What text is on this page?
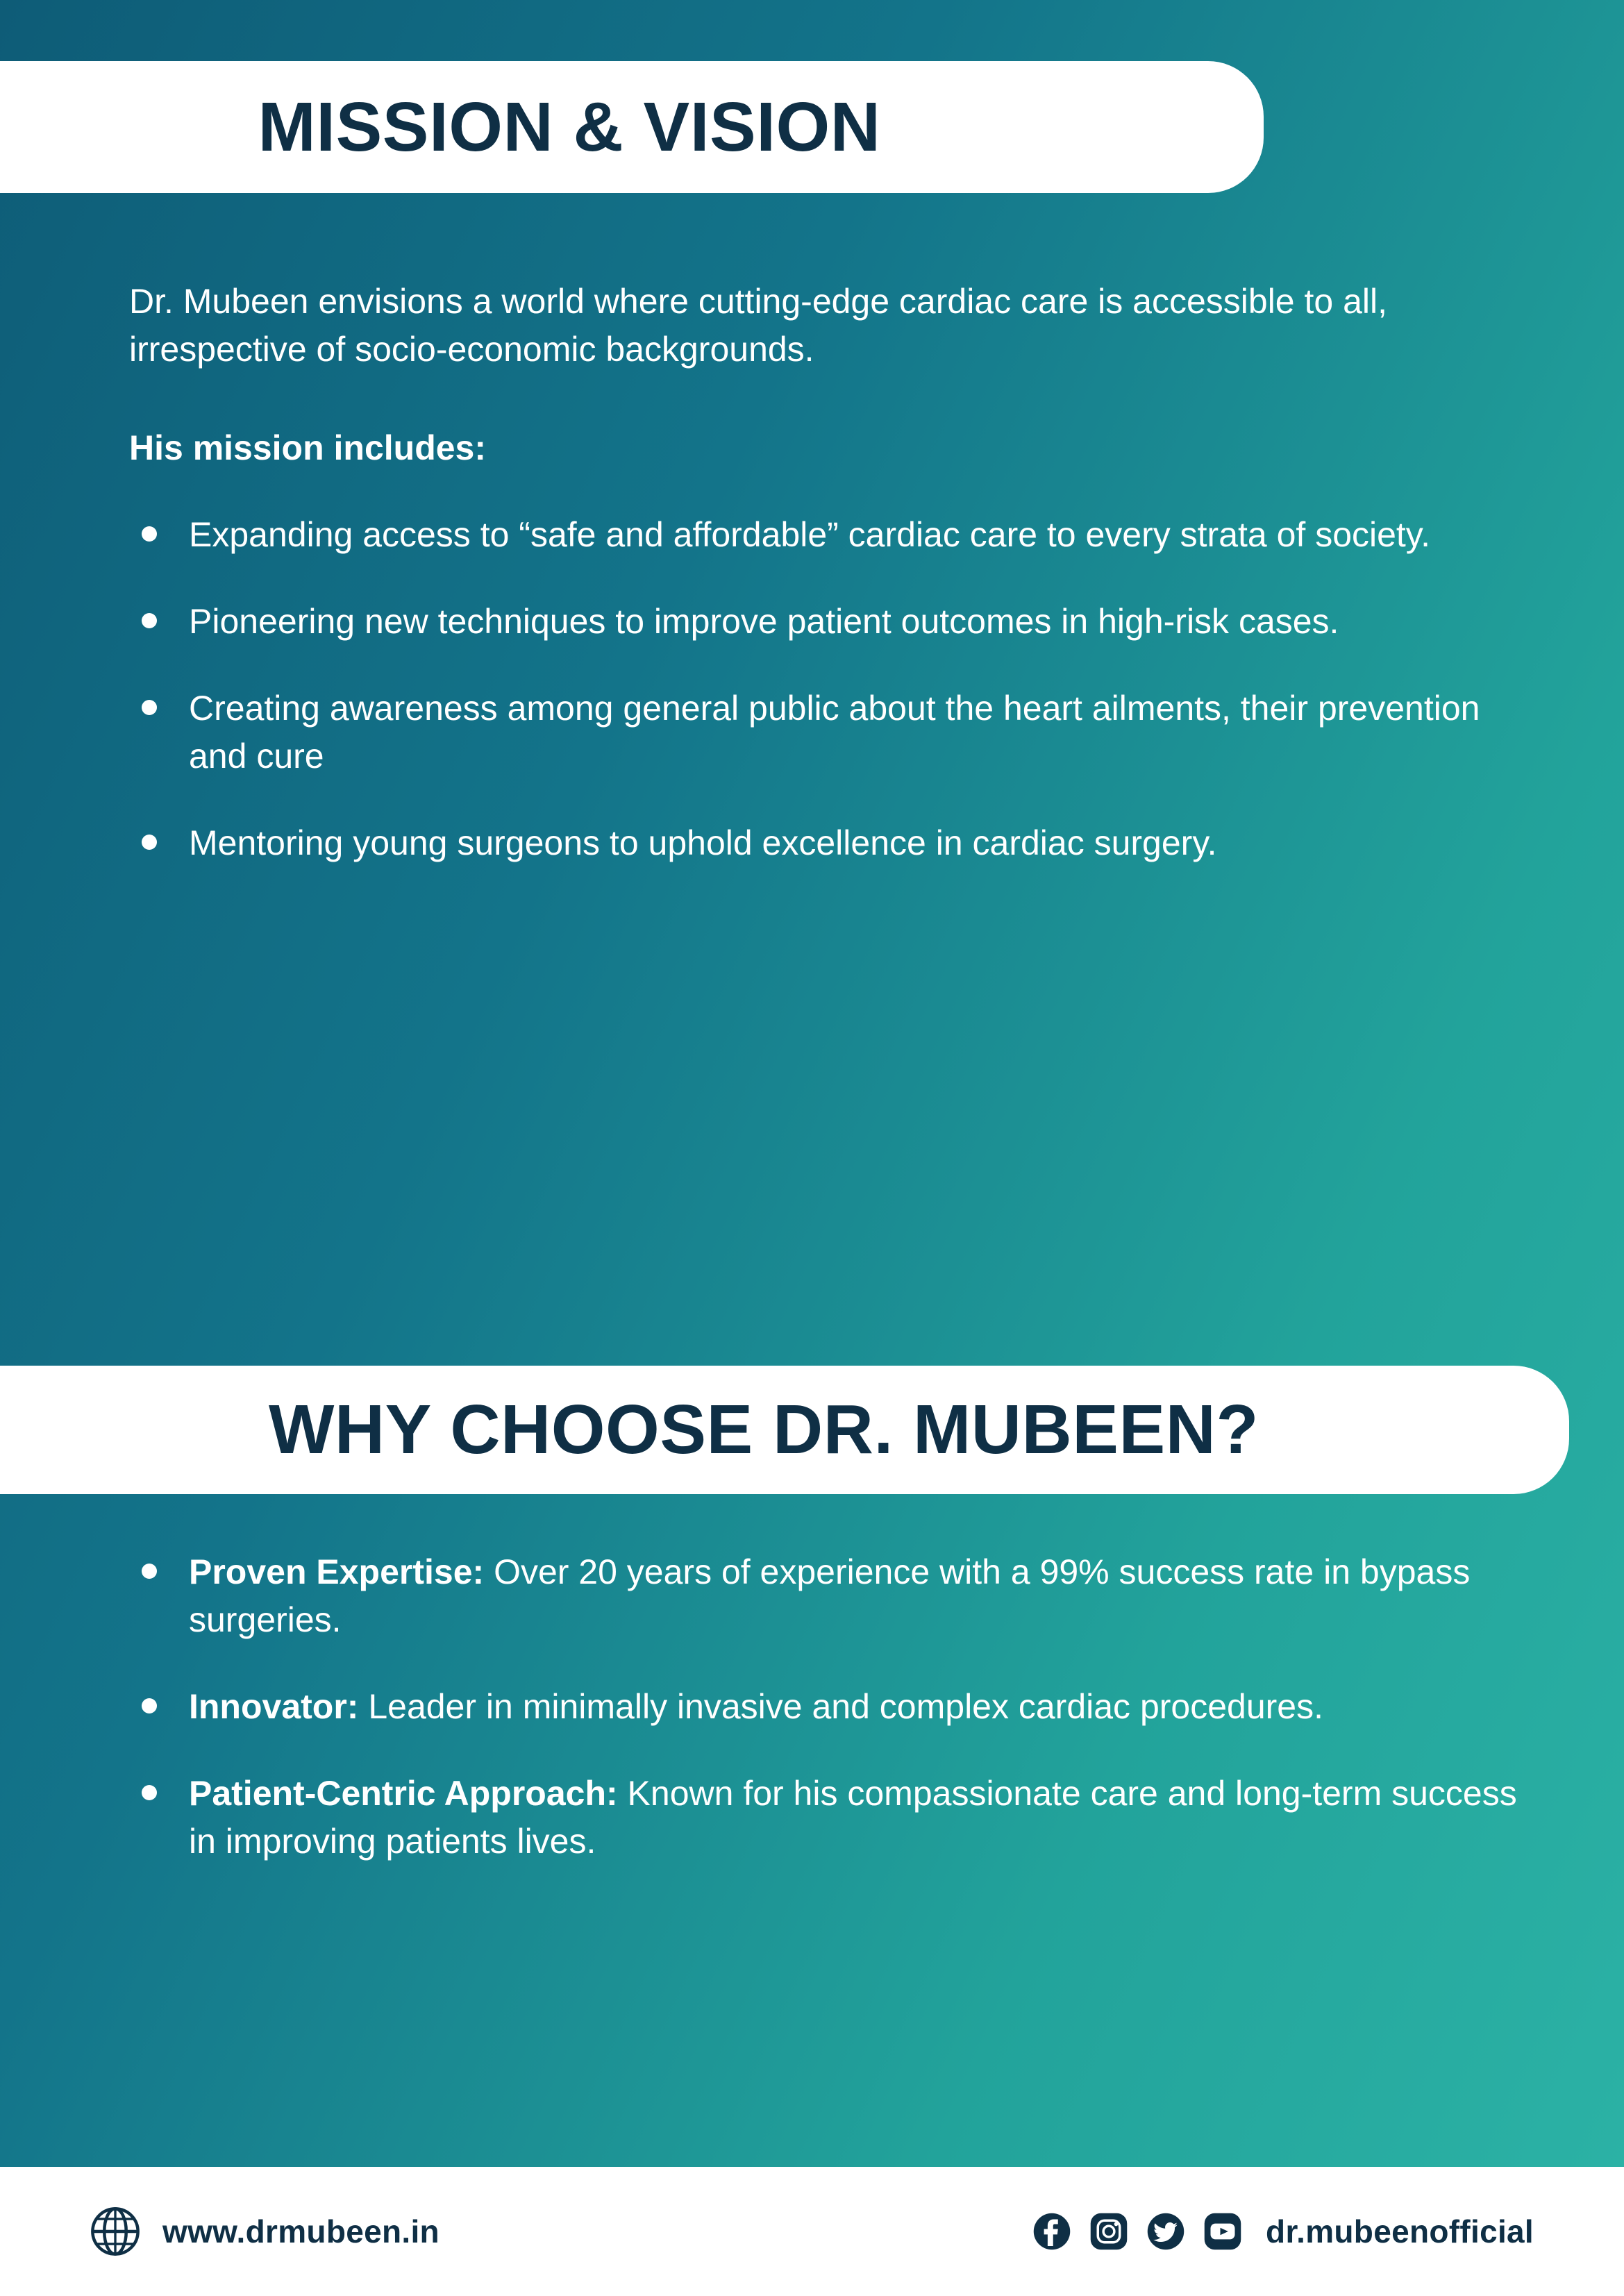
MISSION & VISION

Dr. Mubeen envisions a world where cutting-edge cardiac care is accessible to all, irrespective of socio-economic backgrounds.

His mission includes:

Expanding access to “safe and affordable” cardiac care to every strata of society.
Pioneering new techniques to improve patient outcomes in high-risk cases.
Creating awareness among general public about the heart ailments, their prevention and cure
Mentoring young surgeons to uphold excellence in cardiac surgery.
WHY CHOOSE DR. MUBEEN?
Proven Expertise: Over 20 years of experience with a 99% success rate in bypass surgeries.
Innovator: Leader in minimally invasive and complex cardiac procedures.
Patient-Centric Approach: Known for his compassionate care and long-term success in improving patients lives.
www.drmubeen.in	dr.mubeenofficial
